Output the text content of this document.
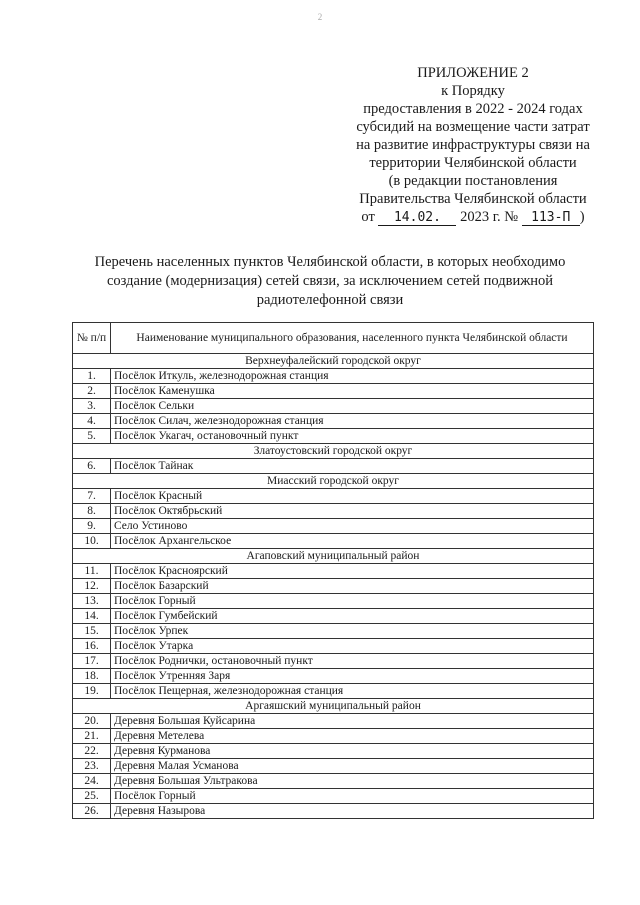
2
ПРИЛОЖЕНИЕ 2
к Порядку
предоставления в 2022 - 2024 годах
субсидий на возмещение части затрат
на развитие инфраструктуры связи на
территории Челябинской области
(в редакции постановления
Правительства Челябинской области
от 14.02. 2023 г. № 113-П )
Перечень населенных пунктов Челябинской области, в которых необходимо
создание (модернизация) сетей связи, за исключением сетей подвижной
радиотелефонной связи
№ п/п	Наименование муниципального образования, населенного пункта Челябинской области
Верхнеуфалейский городской округ	
1.	Посёлок Иткуль, железнодорожная станция
2.	Посёлок Каменушка
3.	Посёлок Сельки
4.	Посёлок Силач, железнодорожная станция
5.	Посёлок Укагач, остановочный пункт
Златоустовский городской округ	
6.	Посёлок Тайнак
Миасский городской округ	
7.	Посёлок Красный
8.	Посёлок Октябрьский
9.	Село Устиново
10.	Посёлок Архангельское
Агаповский муниципальный район	
11.	Посёлок Красноярский
12.	Посёлок Базарский
13.	Посёлок Горный
14.	Посёлок Гумбейский
15.	Посёлок Урпек
16.	Посёлок Утарка
17.	Посёлок Роднички, остановочный пункт
18.	Посёлок Утренняя Заря
19.	Посёлок Пещерная, железнодорожная станция
Аргаяшский муниципальный район	
20.	Деревня Большая Куйсарина
21.	Деревня Метелева
22.	Деревня Курманова
23.	Деревня Малая Усманова
24.	Деревня Большая Ультракова
25.	Посёлок Горный
26.	Деревня Назырова
